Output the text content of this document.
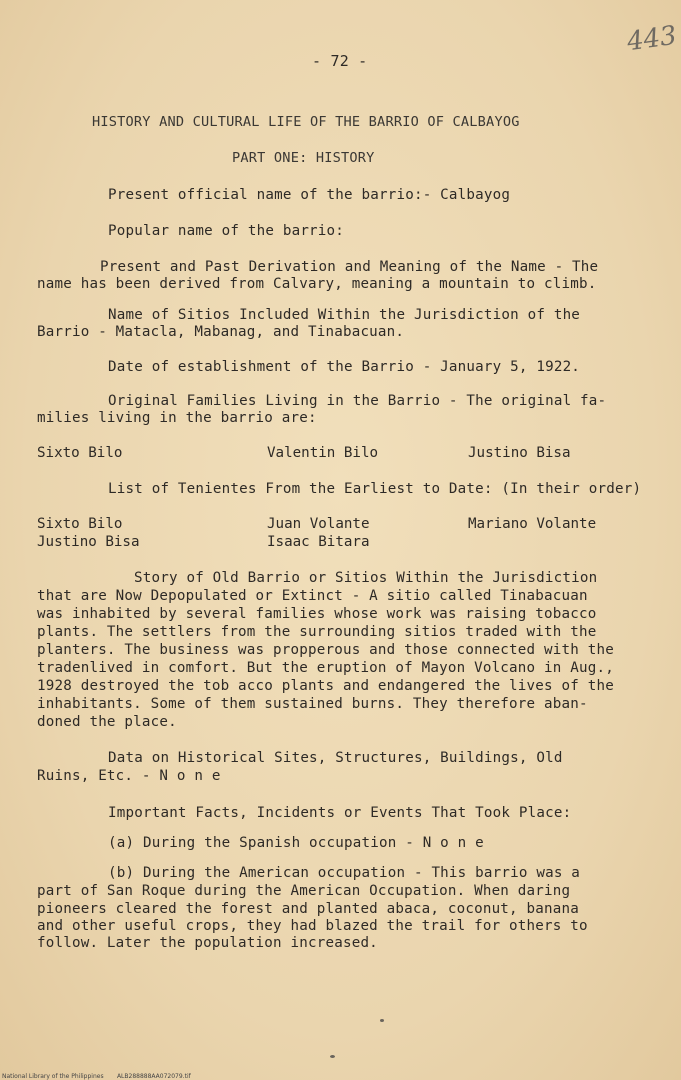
- 72 -
443
HISTORY AND CULTURAL LIFE OF THE BARRIO OF CALBAYOG
PART ONE: HISTORY
Present official name of the barrio:- Calbayog
Popular name of the barrio:
Present and Past Derivation and Meaning of the Name - The
name has been derived from Calvary, meaning a mountain to climb.
Name of Sitios Included Within the Jurisdiction of the
Barrio - Matacla, Mabanag, and Tinabacuan.
Date of establishment of the Barrio - January 5, 1922.
Original Families Living in the Barrio - The original fa-
milies living in the barrio are:
Sixto Bilo	Valentin Bilo	Justino Bisa
List of Tenientes From the Earliest to Date: (In their order)
Sixto Bilo	Juan Volante	Mariano Volante
Justino Bisa	Isaac Bitara
Story of Old Barrio or Sitios Within the Jurisdiction
that are Now Depopulated or Extinct - A sitio called Tinabacuan
was inhabited by several families whose work was raising tobacco
plants. The settlers from the surrounding sitios traded with the
planters. The business was propperous and those connected with the
tradenlived in comfort. But the eruption of Mayon Volcano in Aug.,
1928 destroyed the tob acco plants and endangered the lives of the
inhabitants. Some of them sustained burns. They therefore aban-
doned the place.
Data on Historical Sites, Structures, Buildings, Old
Ruins, Etc. - N o n e
Important Facts, Incidents or Events That Took Place:
(a) During the Spanish occupation - N o n e
(b) During the American occupation - This barrio was a
part of San Roque during the American Occupation. When daring
pioneers cleared the forest and planted abaca, coconut, banana
and other useful crops, they had blazed the trail for others to
follow. Later the population increased.
National Library of the Philippines ALB288888AA072079.tif
